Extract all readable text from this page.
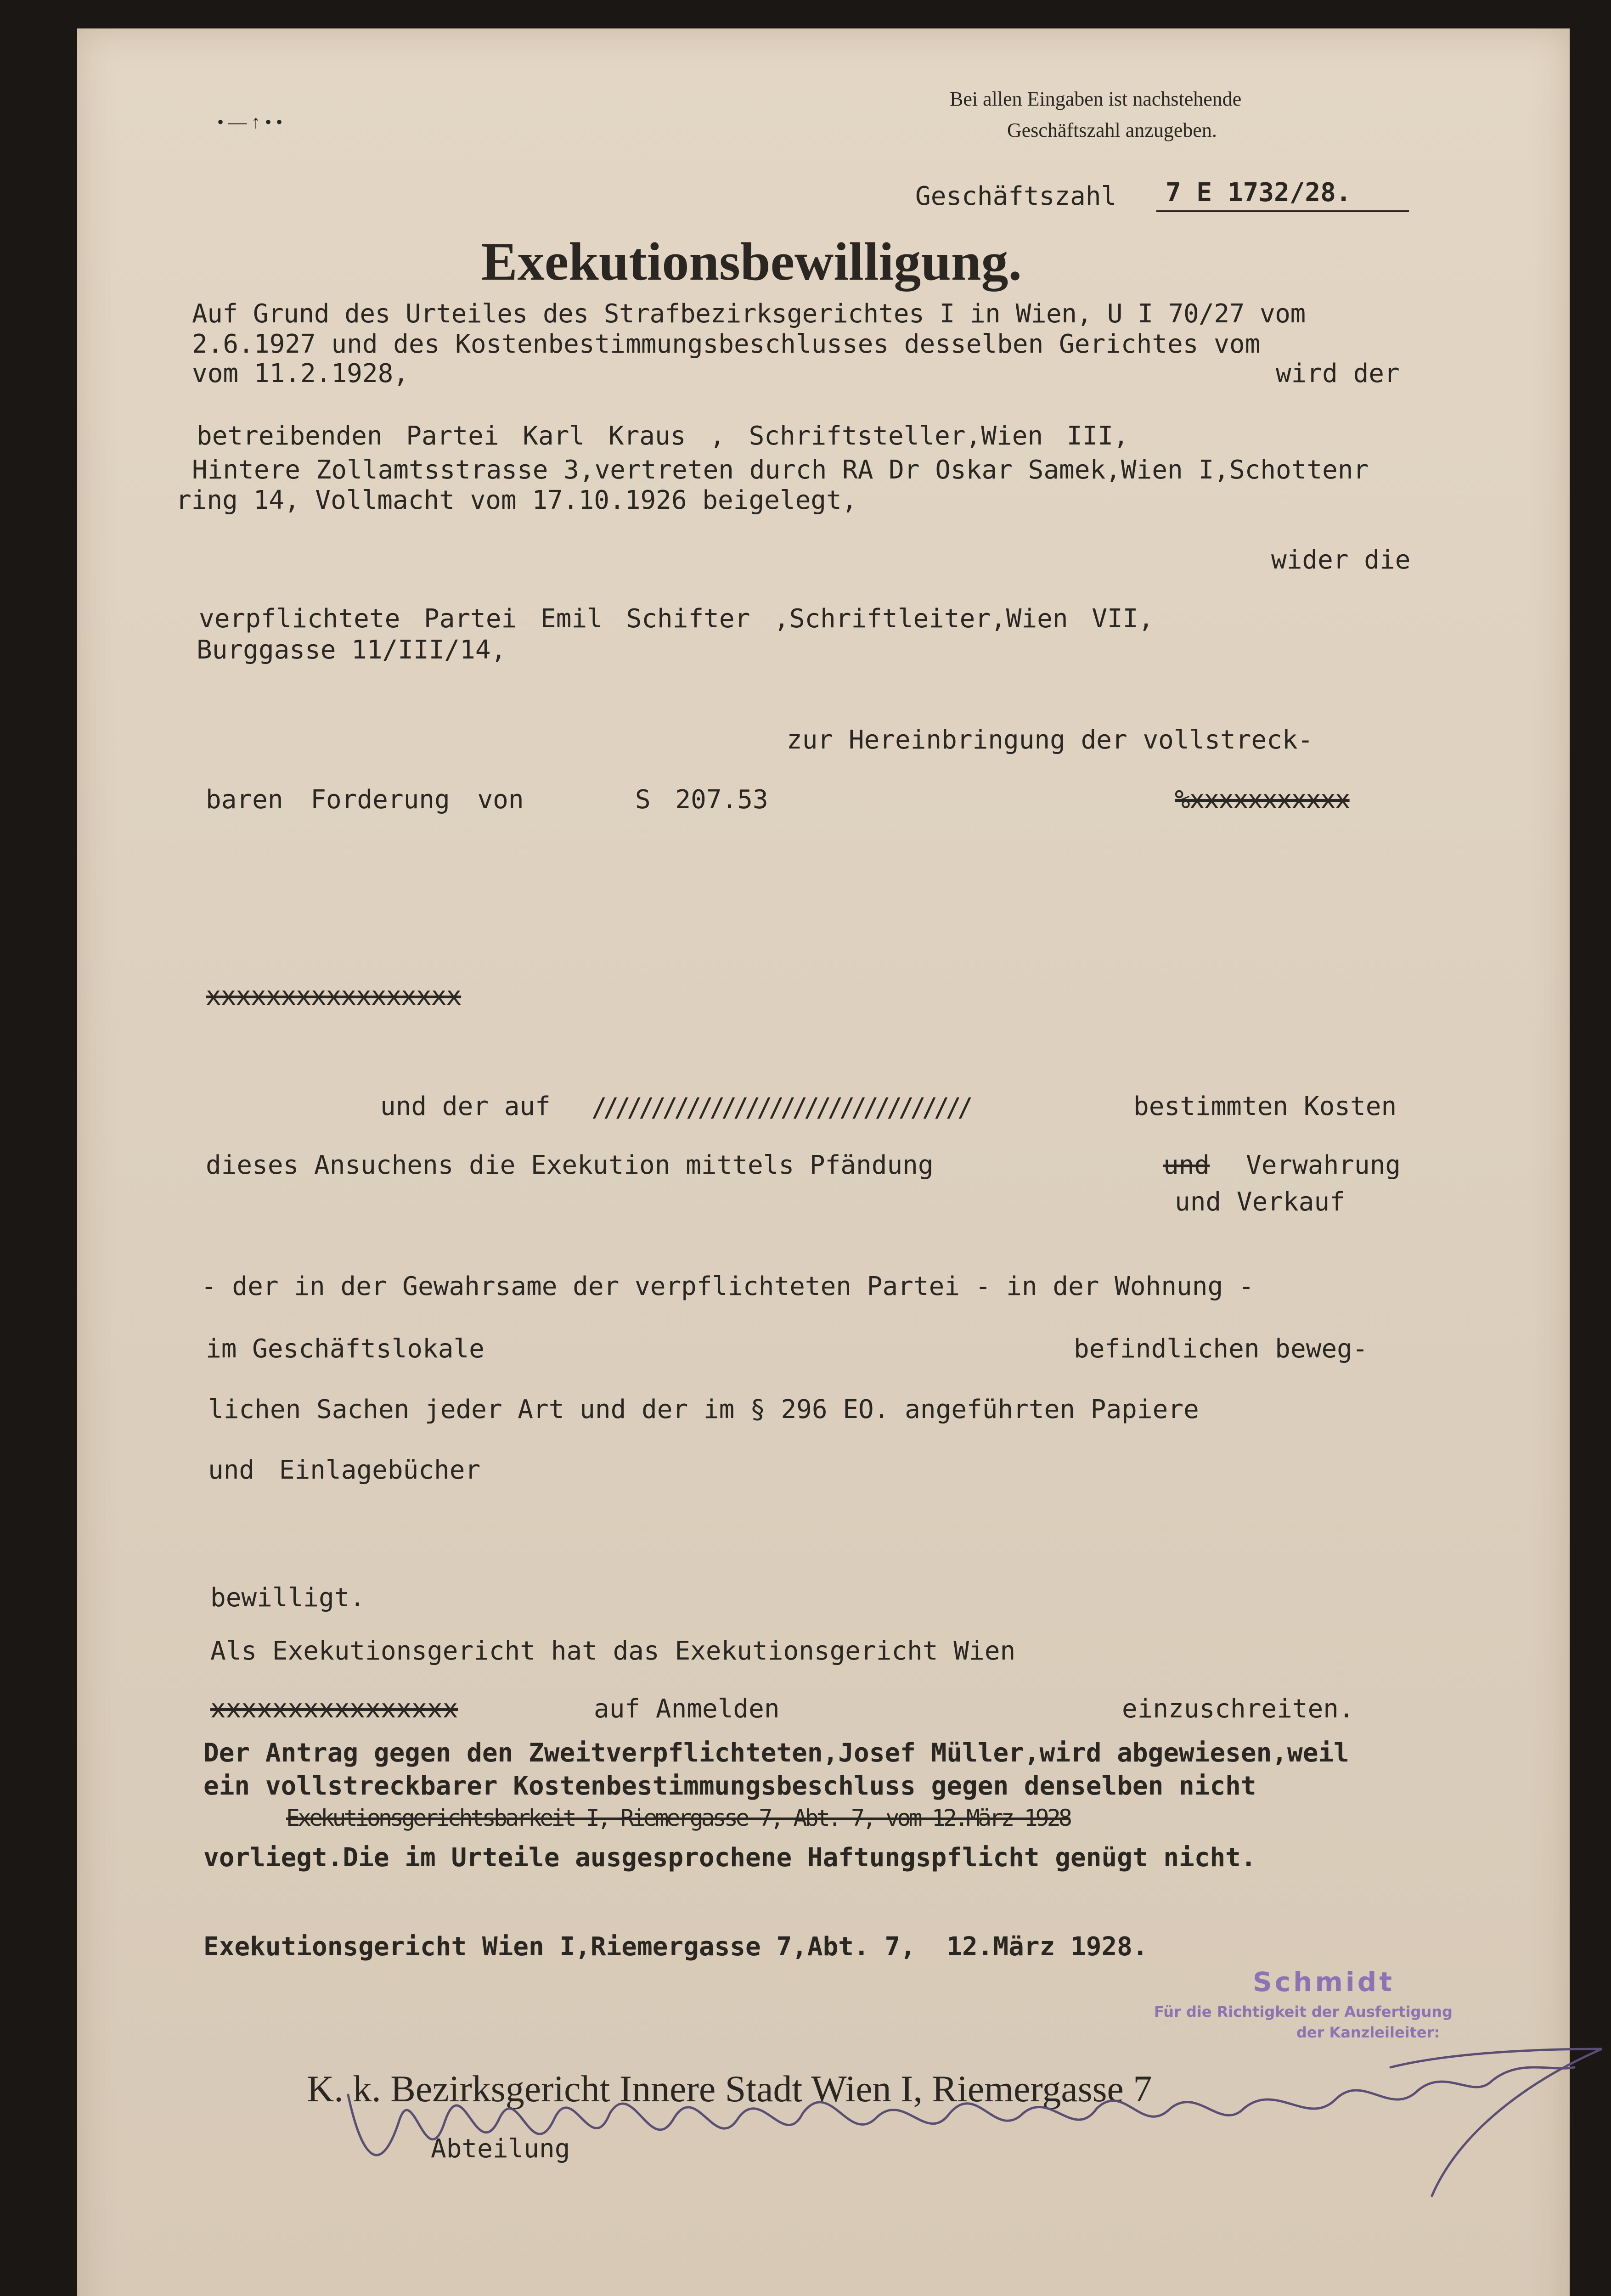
• — ↑ • •
Bei allen Eingaben ist nachstehende
Geschäftszahl anzugeben.
Geschäftszahl 7 E 1732/28.
Exekutionsbewilligung.
Auf Grund des Urteiles des Strafbezirksgerichtes I in Wien, U I 70/27 vom
2.6.1927 und des Kostenbestimmungsbeschlusses desselben Gerichtes vom
vom 11.2.1928,	wird der
betreibenden Partei Karl Kraus , Schriftsteller,Wien III,
Hintere Zollamtsstrasse 3,vertreten durch RA Dr Oskar Samek,Wien I,Schottenr
ring 14, Vollmacht vom 17.10.1926 beigelegt,
wider die
verpflichtete Partei Emil Schifter ,Schriftleiter,Wien VII,
Burggasse 11/III/14,
zur Hereinbringung der vollstreck-
baren Forderung von	S 207.53	%xxxxxxxxxxx
xxxxxxxxxxxxxxxxx
und der auf ////////////////////////////////	bestimmten Kosten
dieses Ansuchens die Exekution mittels Pfändung	und Verwahrung
und Verkauf
- der in der Gewahrsame der verpflichteten Partei - in der Wohnung -
im Geschäftslokale	befindlichen beweg-
lichen Sachen jeder Art und der im § 296 EO. angeführten Papiere
und Einlagebücher
bewilligt.
Als Exekutionsgericht hat das Exekutionsgericht Wien
xxxxxxxxxxxxxxxx	auf Anmelden	einzuschreiten.
Der Antrag gegen den Zweitverpflichteten,Josef Müller,wird abgewiesen,weil
ein vollstreckbarer Kostenbestimmungsbeschluss gegen denselben nicht
Exekutionsgerichtsbarkeit I, Riemergasse 7, Abt. 7, vom 12.März 1928
vorliegt.Die im Urteile ausgesprochene Haftungspflicht genügt nicht.
Exekutionsgericht Wien I,Riemergasse 7,Abt. 7,  12.März 1928.
Schmidt
Für die Richtigkeit der Ausfertigung
der Kanzleileiter:
K. k. Bezirksgericht Innere Stadt Wien I, Riemergasse 7
Abteilung
